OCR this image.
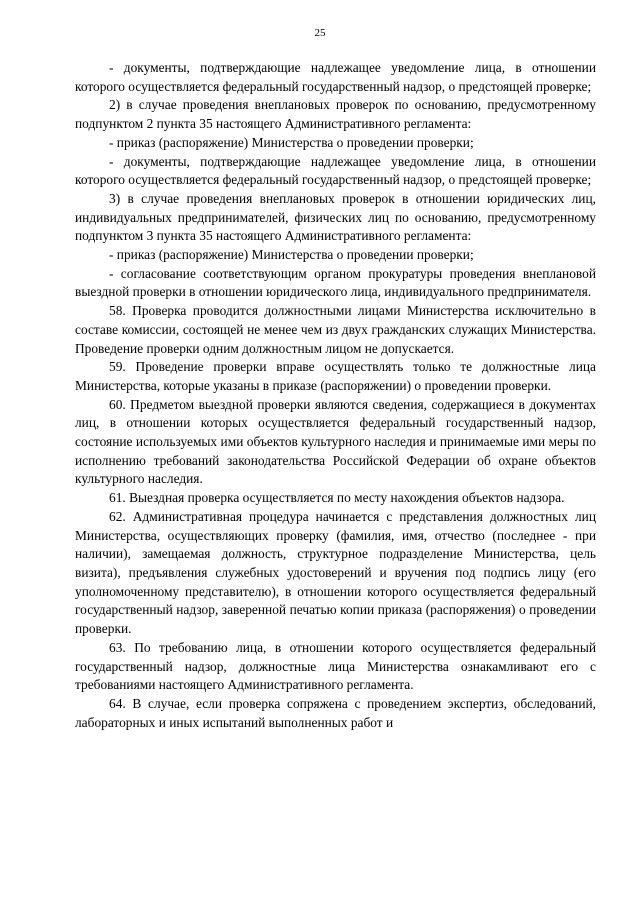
25

- документы, подтверждающие надлежащее уведомление лица, в отношении которого осуществляется федеральный государственный надзор, о предстоящей проверке;

2) в случае проведения внеплановых проверок по основанию, предусмотренному подпунктом 2 пункта 35 настоящего Административного регламента:

- приказ (распоряжение) Министерства о проведении проверки;

- документы, подтверждающие надлежащее уведомление лица, в отношении которого осуществляется федеральный государственный надзор, о предстоящей проверке;

3) в случае проведения внеплановых проверок в отношении юридических лиц, индивидуальных предпринимателей, физических лиц по основанию, предусмотренному подпунктом 3 пункта 35 настоящего Административного регламента:

- приказ (распоряжение) Министерства о проведении проверки;

- согласование соответствующим органом прокуратуры проведения внеплановой выездной проверки в отношении юридического лица, индивидуального предпринимателя.

58. Проверка проводится должностными лицами Министерства исключительно в составе комиссии, состоящей не менее чем из двух гражданских служащих Министерства. Проведение проверки одним должностным лицом не допускается.

59. Проведение проверки вправе осуществлять только те должностные лица Министерства, которые указаны в приказе (распоряжении) о проведении проверки.

60. Предметом выездной проверки являются сведения, содержащиеся в документах лиц, в отношении которых осуществляется федеральный государственный надзор, состояние используемых ими объектов культурного наследия и принимаемые ими меры по исполнению требований законодательства Российской Федерации об охране объектов культурного наследия.

61. Выездная проверка осуществляется по месту нахождения объектов надзора.

62. Административная процедура начинается с представления должностных лиц Министерства, осуществляющих проверку (фамилия, имя, отчество (последнее - при наличии), замещаемая должность, структурное подразделение Министерства, цель визита), предъявления служебных удостоверений и вручения под подпись лицу (его уполномоченному представителю), в отношении которого осуществляется федеральный государственный надзор, заверенной печатью копии приказа (распоряжения) о проведении проверки.

63. По требованию лица, в отношении которого осуществляется федеральный государственный надзор, должностные лица Министерства ознакамливают его с требованиями настоящего Административного регламента.

64. В случае, если проверка сопряжена с проведением экспертиз, обследований, лабораторных и иных испытаний выполненных работ и
